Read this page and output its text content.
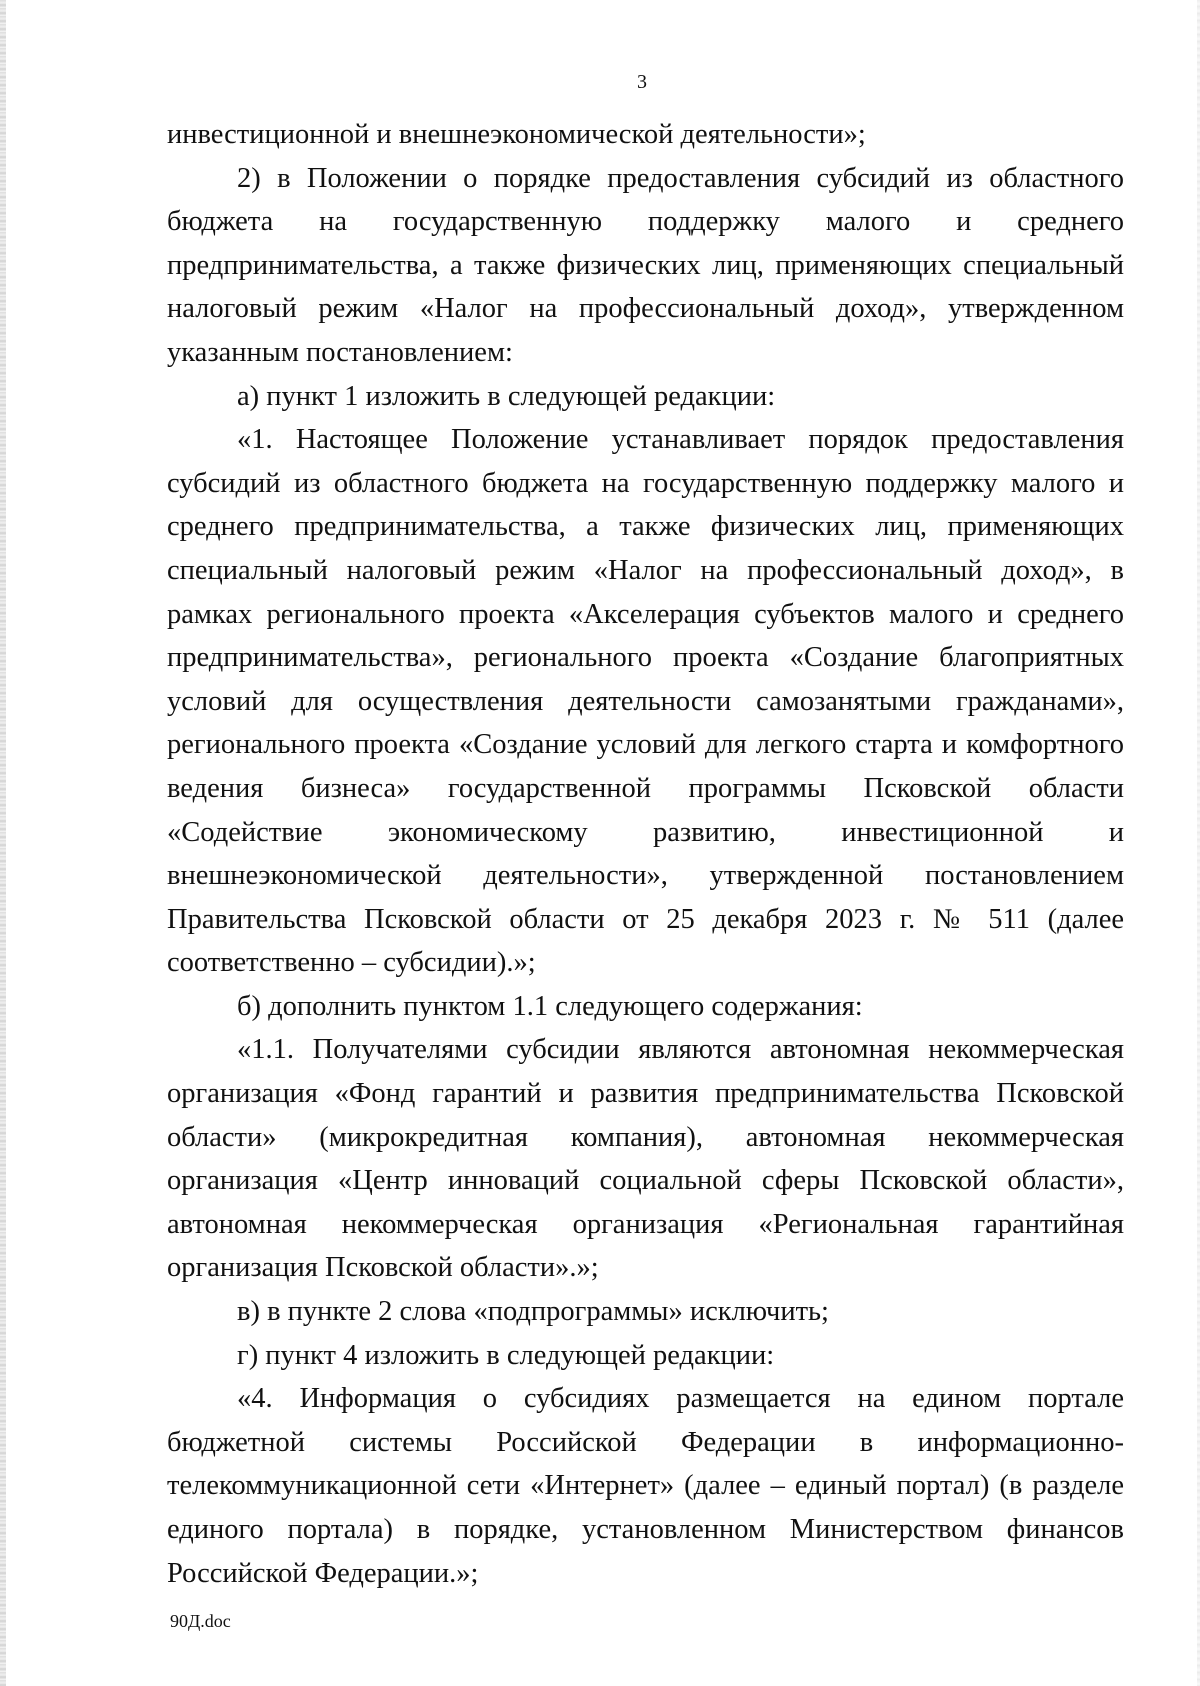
3

инвестиционной и внешнеэкономической деятельности»;

2) в Положении о порядке предоставления субсидий из областного бюджета на государственную поддержку малого и среднего предпринимательства, а также физических лиц, применяющих специальный налоговый режим «Налог на профессиональный доход», утвержденном указанным постановлением:

а) пункт 1 изложить в следующей редакции:

«1. Настоящее Положение устанавливает порядок предоставления субсидий из областного бюджета на государственную поддержку малого и среднего предпринимательства, а также физических лиц, применяющих специальный налоговый режим «Налог на профессиональный доход», в рамках регионального проекта «Акселерация субъектов малого и среднего предпринимательства», регионального проекта «Создание благоприятных условий для осуществления деятельности самозанятыми гражданами», регионального проекта «Создание условий для легкого старта и комфортного ведения бизнеса» государственной программы Псковской области «Содействие экономическому развитию, инвестиционной и внешнеэкономической деятельности», утвержденной постановлением Правительства Псковской области от 25 декабря 2023 г. № 511 (далее соответственно – субсидии).»;

б) дополнить пунктом 1.1 следующего содержания:

«1.1. Получателями субсидии являются автономная некоммерческая организация «Фонд гарантий и развития предпринимательства Псковской области» (микрокредитная компания), автономная некоммерческая организация «Центр инноваций социальной сферы Псковской области», автономная некоммерческая организация «Региональная гарантийная организация Псковской области».»;

в) в пункте 2 слова «подпрограммы» исключить;

г) пункт 4 изложить в следующей редакции:

«4. Информация о субсидиях размещается на едином портале бюджетной системы Российской Федерации в информационно-телекоммуникационной сети «Интернет» (далее – единый портал) (в разделе единого портала) в порядке, установленном Министерством финансов Российской Федерации.»;

90Д.doc
